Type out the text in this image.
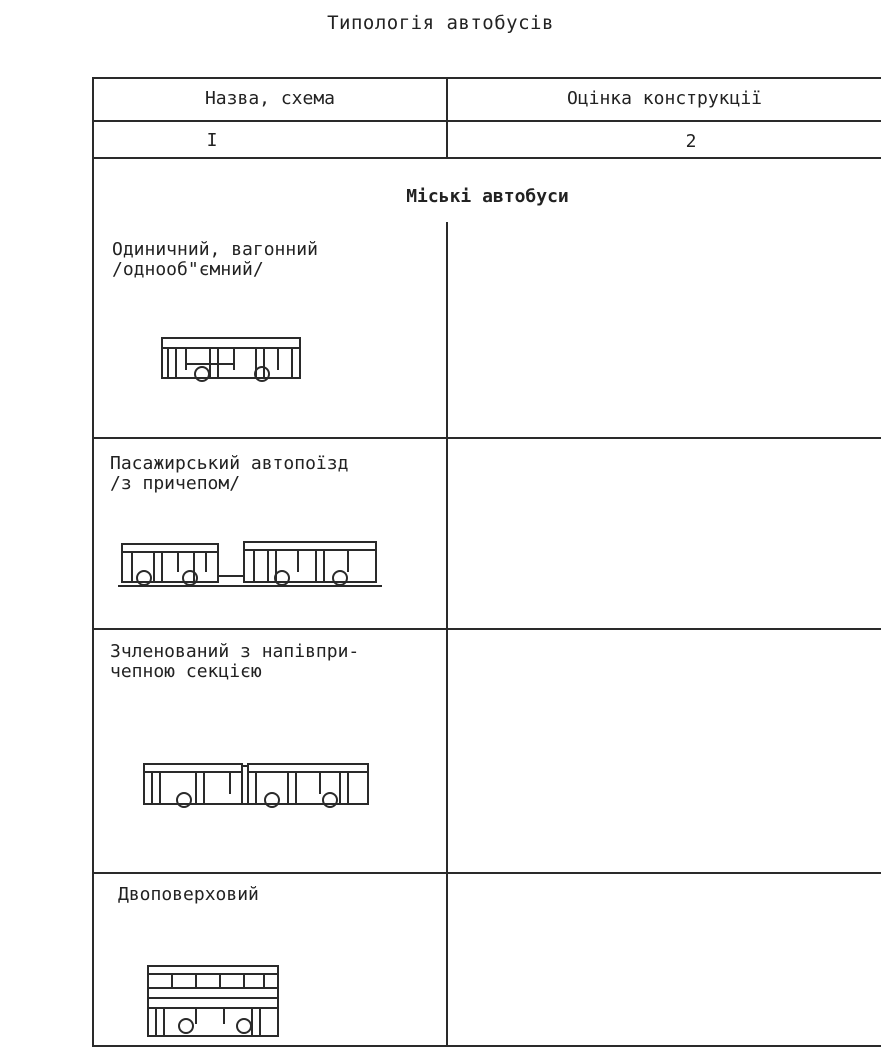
Типологія автобусів
Назва, схема	Оцінка конструкції
I	2
Міські автобуси
Одиничний, вагонний
/однооб"ємний/
Пасажирський автопоїзд
/з причепом/
Зчленований з напівпри-
чепною секцією
Двоповерховий
